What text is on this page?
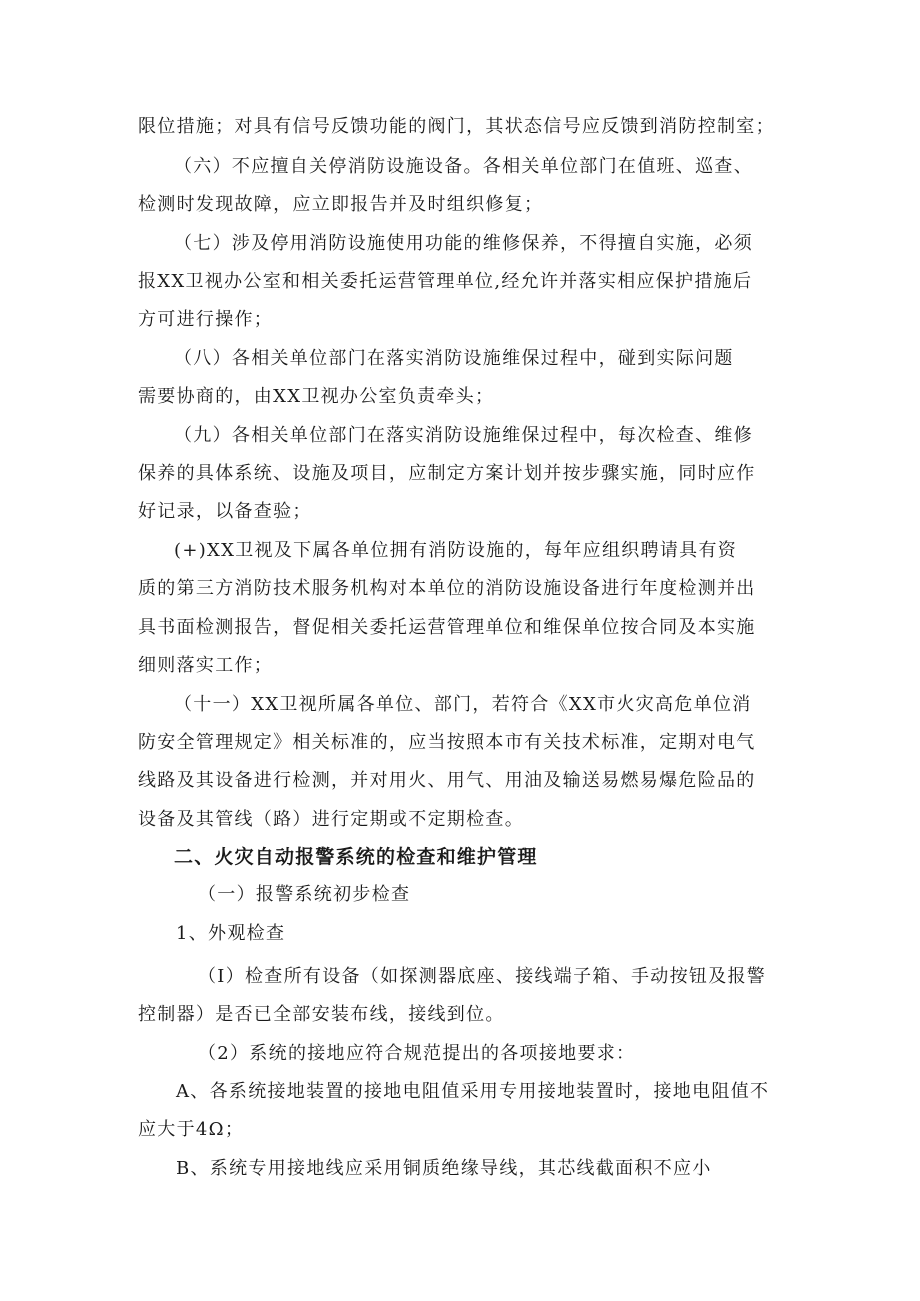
限位措施；对具有信号反馈功能的阀门，其状态信号应反馈到消防控制室；
（六）不应擅自关停消防设施设备。各相关单位部门在值班、巡查、
检测时发现故障，应立即报告并及时组织修复；
（七）涉及停用消防设施使用功能的维修保养，不得擅自实施，必须
报XX卫视办公室和相关委托运营管理单位,经允许并落实相应保护措施后
方可进行操作；
（八）各相关单位部门在落实消防设施维保过程中，碰到实际问题
需要协商的，由XX卫视办公室负责牵头；
（九）各相关单位部门在落实消防设施维保过程中，每次检查、维修
保养的具体系统、设施及项目，应制定方案计划并按步骤实施，同时应作
好记录，以备查验；
(+)XX卫视及下属各单位拥有消防设施的，每年应组织聘请具有资
质的第三方消防技术服务机构对本单位的消防设施设备进行年度检测并出
具书面检测报告，督促相关委托运营管理单位和维保单位按合同及本实施
细则落实工作；
（十一）XX卫视所属各单位、部门，若符合《XX市火灾高危单位消
防安全管理规定》相关标准的，应当按照本市有关技术标准，定期对电气
线路及其设备进行检测，并对用火、用气、用油及输送易燃易爆危险品的
设备及其管线（路）进行定期或不定期检查。
二、火灾自动报警系统的检查和维护管理
（一）报警系统初步检查
1、外观检查
（I）检查所有设备（如探测器底座、接线端子箱、手动按钮及报警
控制器）是否已全部安装布线，接线到位。
（2）系统的接地应符合规范提出的各项接地要求：
A、各系统接地装置的接地电阻值采用专用接地装置时，接地电阻值不
应大于4Ω；
B、系统专用接地线应采用铜质绝缘导线，其芯线截面积不应小
